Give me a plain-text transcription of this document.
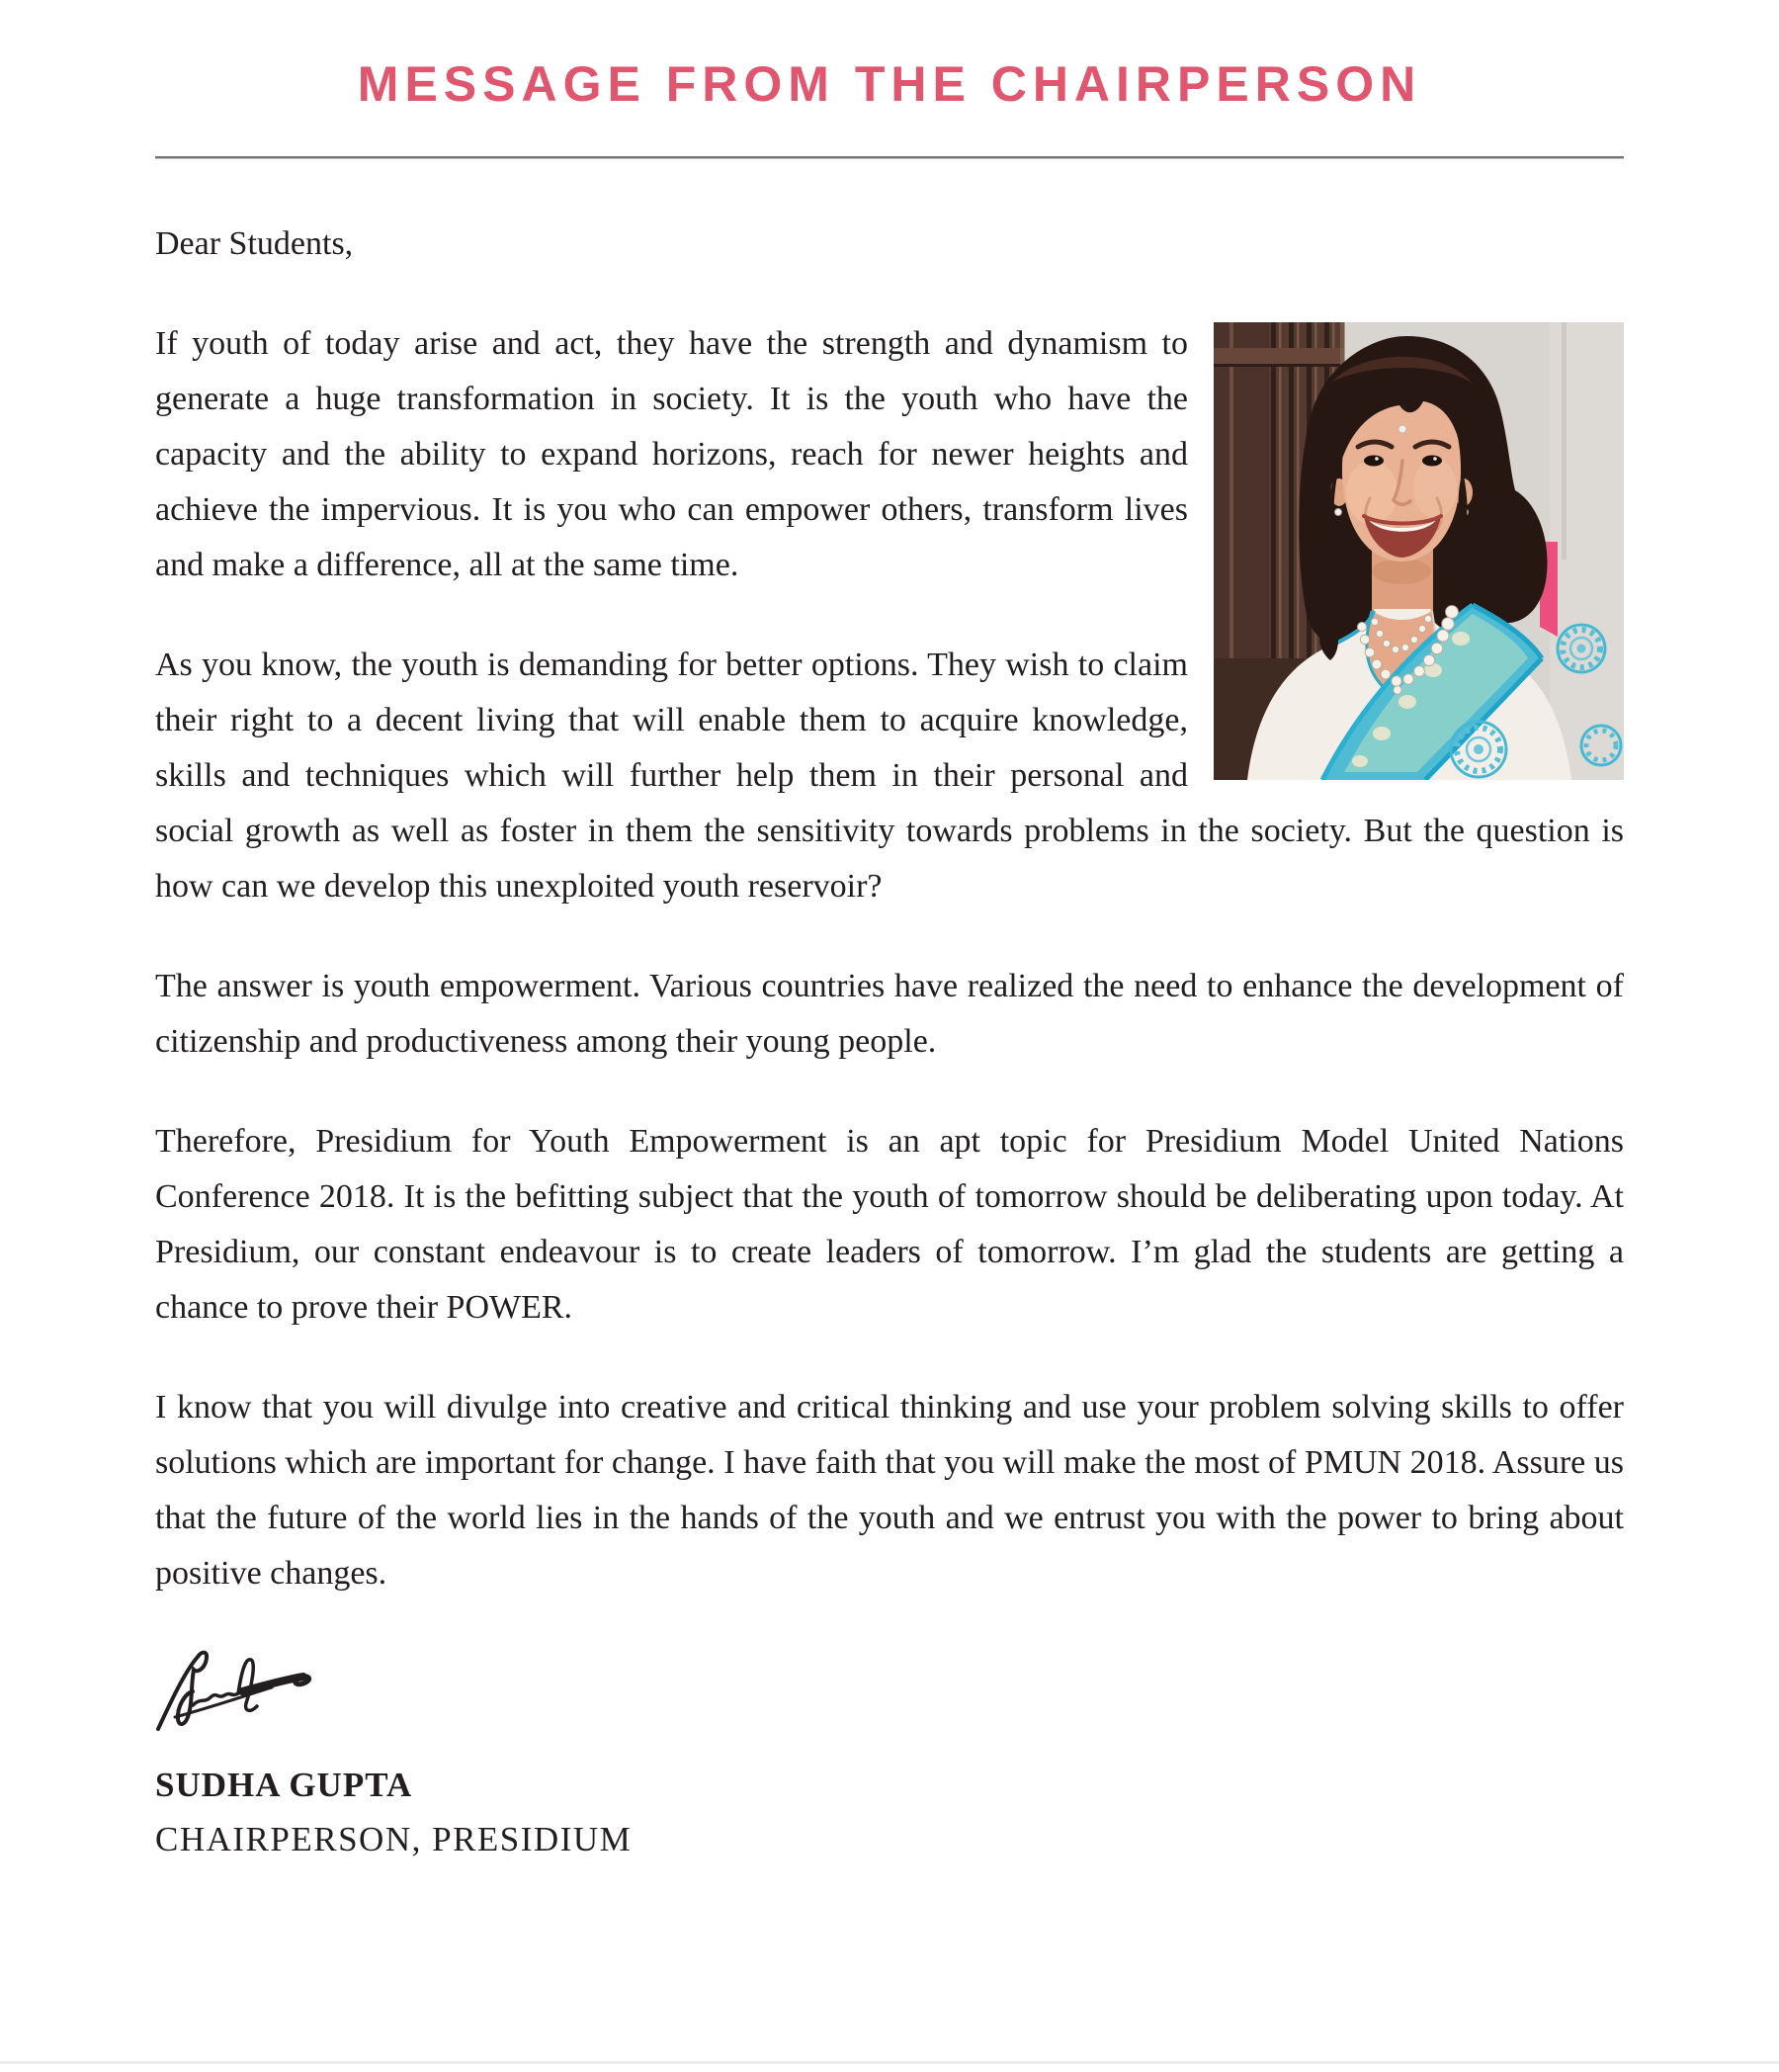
MESSAGE FROM THE CHAIRPERSON

Dear Students,

If youth of today arise and act, they have the strength and dynamism to generate a huge transformation in society. It is the youth who have the capacity and the ability to expand horizons, reach for newer heights and achieve the impervious. It is you who can empower others, transform lives and make a difference, all at the same time.

As you know, the youth is demanding for better options. They wish to claim their right to a decent living that will enable them to acquire knowledge, skills and techniques which will further help them in their personal and social growth as well as foster in them the sensitivity towards problems in the society. But the question is how can we develop this unexploited youth reservoir?

The answer is youth empowerment. Various countries have realized the need to enhance the development of citizenship and productiveness among their young people.

Therefore, Presidium for Youth Empowerment is an apt topic for Presidium Model United Nations Conference 2018. It is the befitting subject that the youth of tomorrow should be deliberating upon today. At Presidium, our constant endeavour is to create leaders of tomorrow. I’m glad the students are getting a chance to prove their POWER.

I know that you will divulge into creative and critical thinking and use your problem solving skills to offer solutions which are important for change. I have faith that you will make the most of PMUN 2018. Assure us that the future of the world lies in the hands of the youth and we entrust you with the power to bring about positive changes.

SUDHA GUPTA

CHAIRPERSON, PRESIDIUM
